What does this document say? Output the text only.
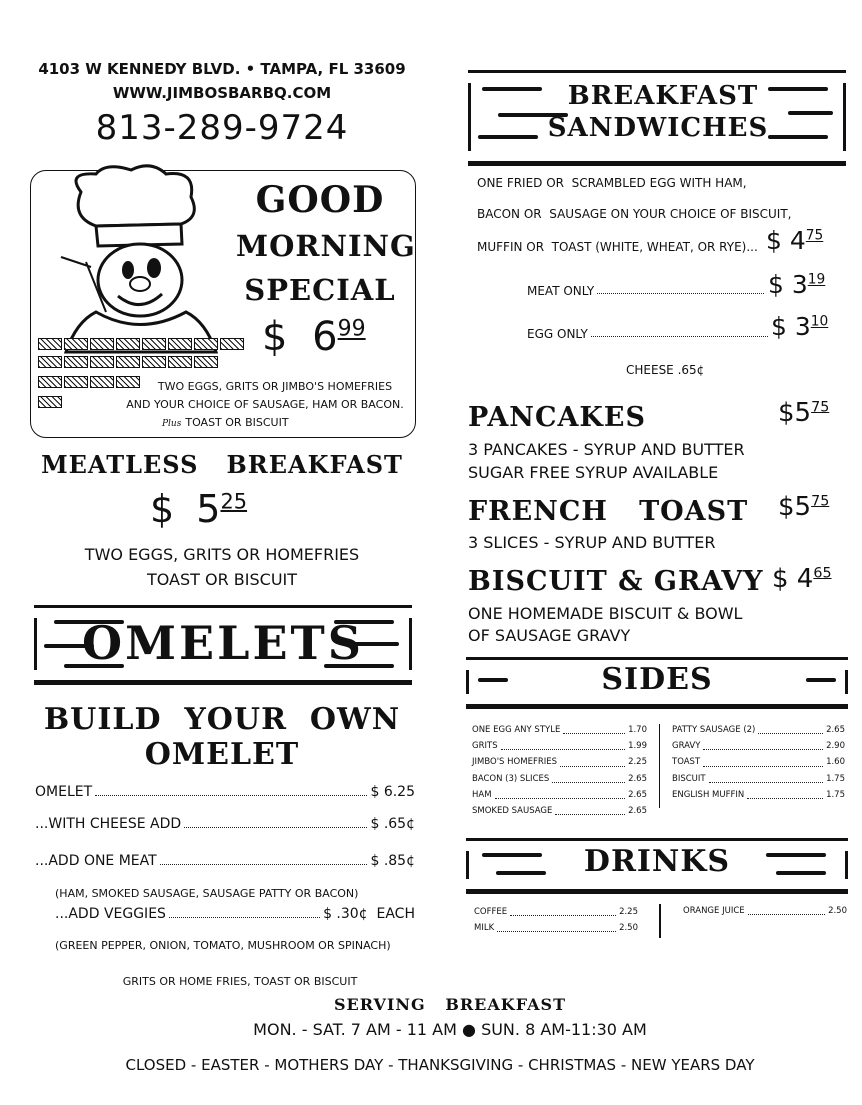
4103 W KENNEDY BLVD. • TAMPA, FL 33609
WWW.JIMBOSBARBQ.COM
813-289-9724
GOOD
MORNING
SPECIAL
$ $6^{99}$
TWO EGGS, GRITS OR JIMBO'S HOMEFRIES
AND YOUR CHOICE OF SAUSAGE, HAM OR BACON.
Plus TOAST OR BISCUIT
MEATLESS   BREAKFAST
$ $5^{25}$
TWO EGGS, GRITS OR HOMEFRIES
TOAST OR BISCUIT
OMELETS
BUILD  YOUR  OWN
OMELET
OMELET	$ 6.25
...WITH CHEESE ADD	$ .65¢
...ADD ONE MEAT	$ .85¢
(HAM, SMOKED SAUSAGE, SAUSAGE PATTY OR BACON)
...ADD VEGGIES	$ .30¢  EACH
(GREEN PEPPER, ONION, TOMATO, MUSHROOM OR SPINACH)
GRITS OR HOME FRIES, TOAST OR BISCUIT
BREAKFAST
SANDWICHES
ONE FRIED OR  SCRAMBLED EGG WITH HAM,
BACON OR  SAUSAGE ON YOUR CHOICE OF BISCUIT,
MUFFIN OR  TOAST (WHITE, WHEAT, OR RYE)... $ $4^{75}$
MEAT ONLY	$ $3^{19}$
EGG ONLY	$ $3^{10}$
CHEESE .65¢
PANCAKES	$\$5^{75}$
3 PANCAKES - SYRUP AND BUTTER
SUGAR FREE SYRUP AVAILABLE
FRENCH   TOAST $\$5^{75}$
3 SLICES - SYRUP AND BUTTER
BISCUIT & GRAVY $ $4^{65}$
ONE HOMEMADE BISCUIT & BOWL
OF SAUSAGE GRAVY
SIDES
ONE EGG ANY STYLE	1.70
GRITS	1.99
JIMBO'S HOMEFRIES	2.25
BACON (3) SLICES	2.65
HAM	2.65
SMOKED SAUSAGE	2.65
PATTY SAUSAGE (2)	2.65
GRAVY	2.90
TOAST	1.60
BISCUIT	1.75
ENGLISH MUFFIN	1.75
DRINKS
COFFEE	2.25
MILK	2.50
ORANGE JUICE	2.50
SERVING   BREAKFAST
MON. - SAT. 7 AM - 11 AM ● SUN. 8 AM-11:30 AM
CLOSED - EASTER - MOTHERS DAY - THANKSGIVING - CHRISTMAS - NEW YEARS DAY
